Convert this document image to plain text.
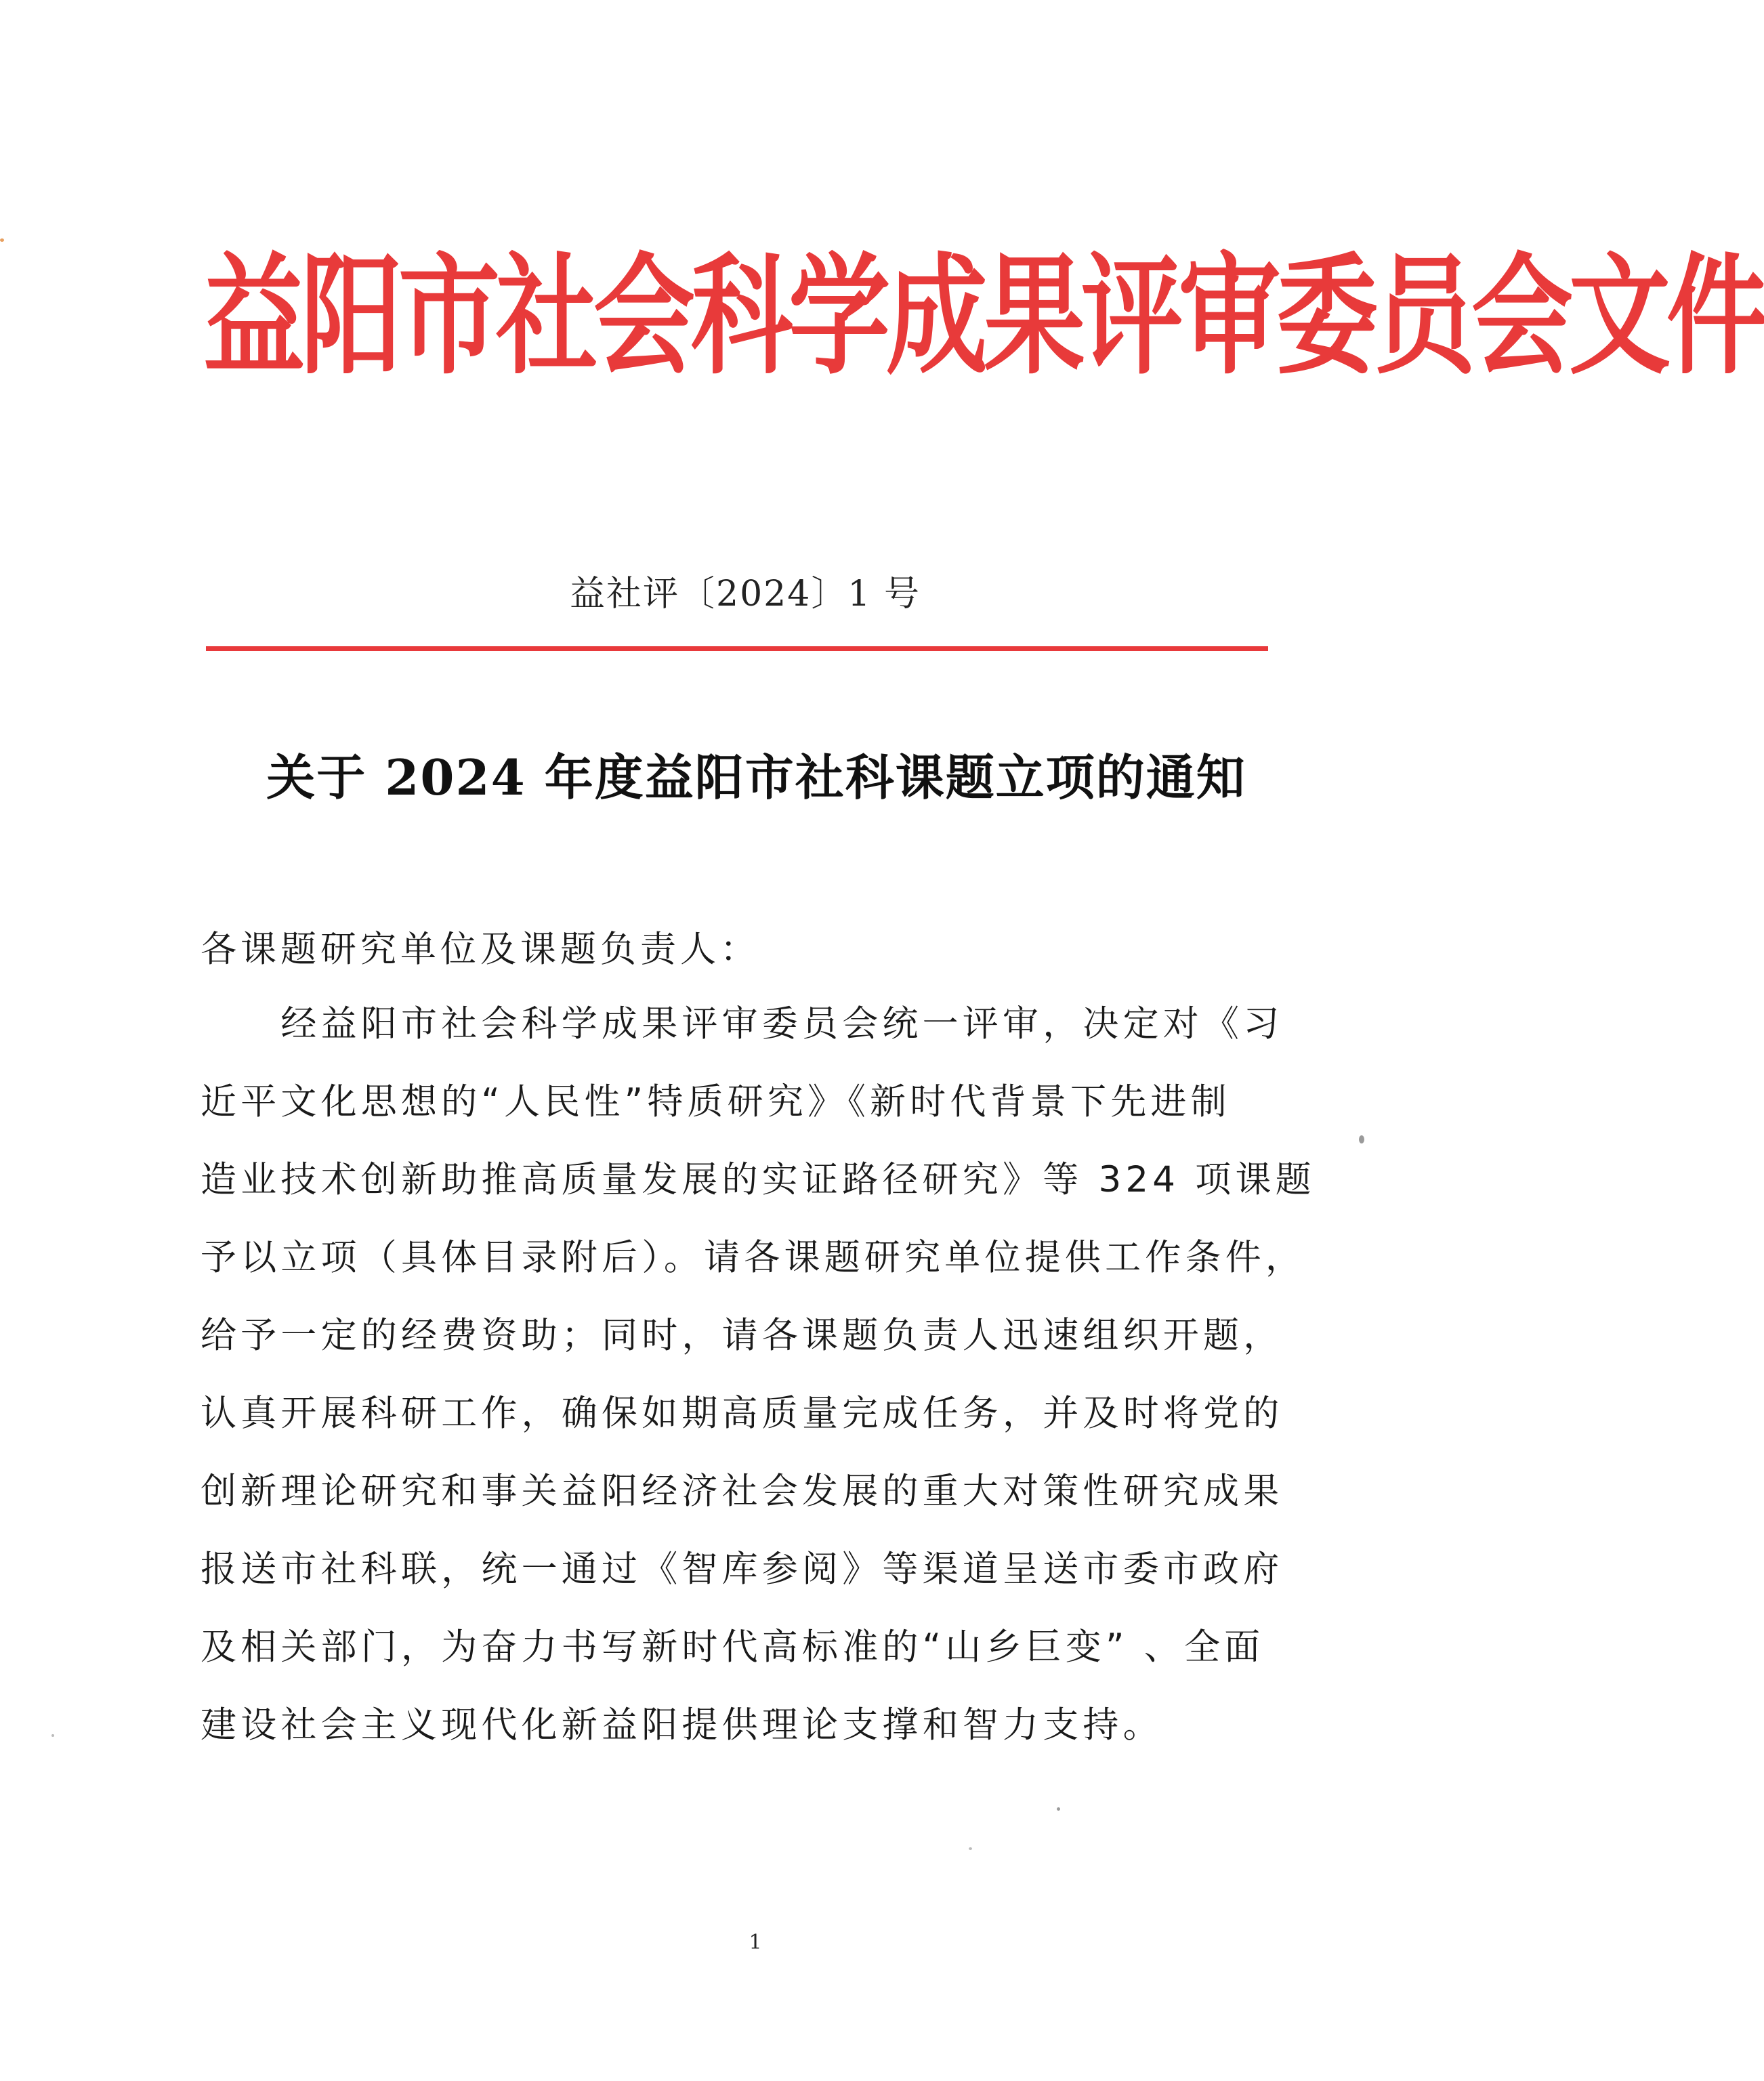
益阳市社会科学成果评审委员会文件
益社评〔2024〕1 号
关于 2024 年度益阳市社科课题立项的通知
各课题研究单位及课题负责人：
　　经益阳市社会科学成果评审委员会统一评审，决定对《习
近平文化思想的“人民性”特质研究》《新时代背景下先进制
造业技术创新助推高质量发展的实证路径研究》等 324 项课题
予以立项（具体目录附后）。请各课题研究单位提供工作条件，
给予一定的经费资助；同时，请各课题负责人迅速组织开题，
认真开展科研工作，确保如期高质量完成任务，并及时将党的
创新理论研究和事关益阳经济社会发展的重大对策性研究成果
报送市社科联，统一通过《智库参阅》等渠道呈送市委市政府
及相关部门，为奋力书写新时代高标准的“山乡巨变” 、全面
建设社会主义现代化新益阳提供理论支撑和智力支持。
1
